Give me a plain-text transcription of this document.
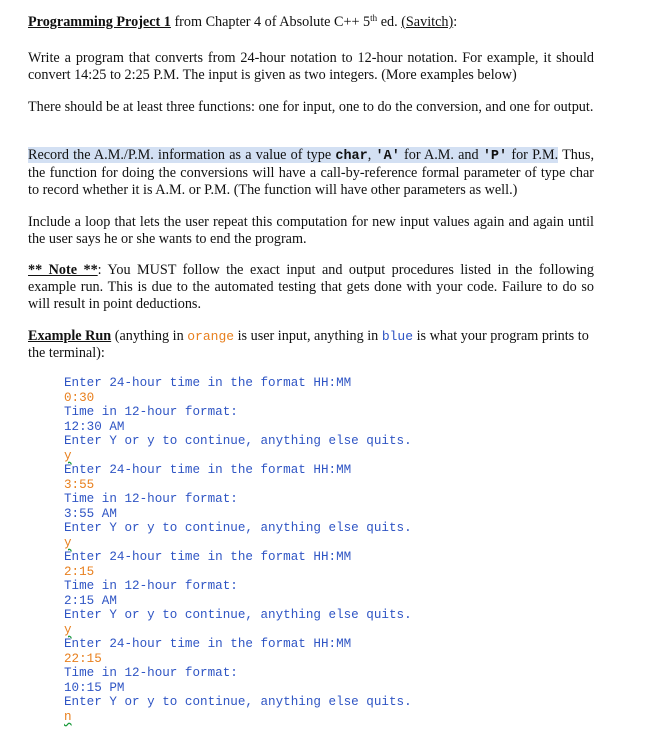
Programming Project 1 from Chapter 4 of Absolute C++ 5th ed. (Savitch):
Write a program that converts from 24-hour notation to 12-hour notation. For example, it should convert 14:25 to 2:25 P.M. The input is given as two integers. (More examples below)
There should be at least three functions: one for input, one to do the conversion, and one for output.
Record the A.M./P.M. information as a value of type char, 'A' for A.M. and 'P' for P.M. Thus, the function for doing the conversions will have a call-by-reference formal parameter of type char to record whether it is A.M. or P.M. (The function will have other parameters as well.)
Include a loop that lets the user repeat this computation for new input values again and again until the user says he or she wants to end the program.
** Note **: You MUST follow the exact input and output procedures listed in the following example run. This is due to the automated testing that gets done with your code. Failure to do so will result in point deductions.
Example Run (anything in orange is user input, anything in blue is what your program prints to the terminal):
Enter 24-hour time in the format HH:MM
0:30
Time in 12-hour format:
12:30 AM
Enter Y or y to continue, anything else quits.
y
Enter 24-hour time in the format HH:MM
3:55
Time in 12-hour format:
3:55 AM
Enter Y or y to continue, anything else quits.
y
Enter 24-hour time in the format HH:MM
2:15
Time in 12-hour format:
2:15 AM
Enter Y or y to continue, anything else quits.
y
Enter 24-hour time in the format HH:MM
22:15
Time in 12-hour format:
10:15 PM
Enter Y or y to continue, anything else quits.
n
